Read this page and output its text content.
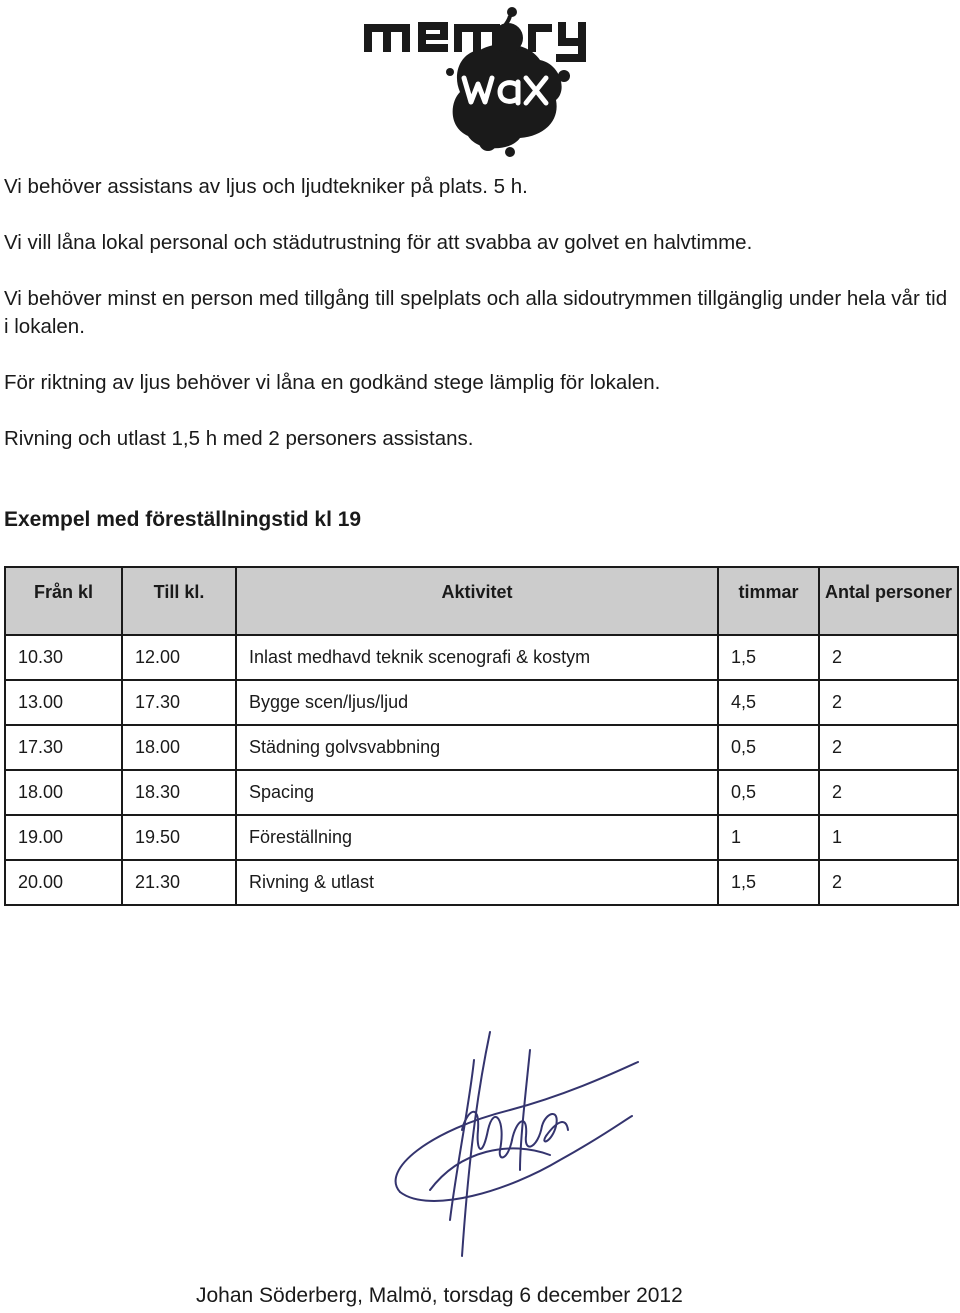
Vi behöver assistans av ljus och ljudtekniker på plats. 5 h.

Vi vill låna lokal personal och städutrustning för att svabba av golvet en halvtimme.

Vi behöver minst en person med tillgång till spelplats och alla sidoutrymmen tillgänglig under hela vår tid i lokalen.

För riktning av ljus behöver vi låna en godkänd stege lämplig för lokalen.

Rivning och utlast 1,5 h med 2 personers assistans.

Exempel med föreställningstid kl 19

Från kl	Till kl.	Aktivitet	timmar	Antal personer
10.30	12.00	Inlast medhavd teknik scenografi & kostym	1,5	2
13.00	17.30	Bygge scen/ljus/ljud	4,5	2
17.30	18.00	Städning golvsvabbning	0,5	2
18.00	18.30	Spacing	0,5	2
19.00	19.50	Föreställning	1	1
20.00	21.30	Rivning & utlast	1,5	2

Johan Söderberg, Malmö, torsdag 6 december 2012
